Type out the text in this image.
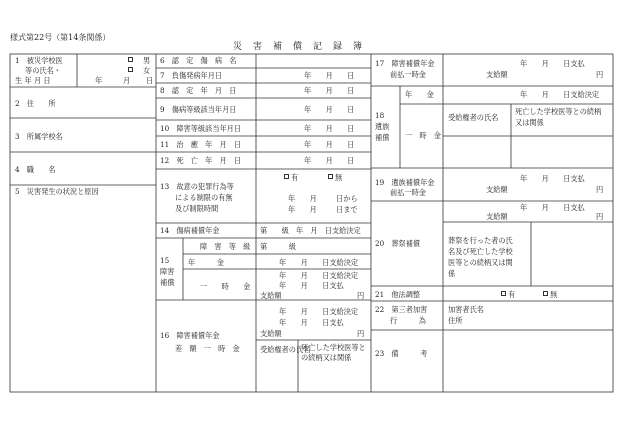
様式第22号（第14条関係）
災害補償記録簿
1　被災学校医
等の氏名・
生 年 月 日
男
女
年	月 日
2　住　　所
3　所属学校名
4　職　　名
5　災害発生の状況と原因
6　認　定　傷　病　名
7　負傷発病年月日	年　　月　　日
8　認　定　年　月　日	年　　月　　日
9　傷病等級該当年月日	年　　月　　日
10　障害等級該当年月日	年　　月　　日
11　治　癒　年　月　日	年　　月　　日
12　死　亡　年　月　日	年　　月　　日
13　故意の犯罪行為等
による制限の有無
及び制限時間
有	無
年　　月	日から
年　　月	日まで
14　傷病補償年金	第　　級　年　月　日支給決定
15
障害
補償
障　害　等　級 第　　　級
年　　　金	年　　月　　日支給決定
一　　時　　金
年　　月　　日支給決定
年　　月　　日支払
支給額	円
16　障害補償年金
差　額　一　時　金
年　　月　　日支給決定
年　　月　　日支払
支給額	円
受給権者の氏名
死亡した学校医等と
の続柄又は関係
17　障害補償年金
前払一時金
年　　月　　日支払
支給額	円
18
遺族
補償
年　　金
一　時　金
年　　月　　日支給決定
受給権者の氏名
死亡した学校医等との続柄
又は関係
19　遺族補償年金
前払一時金
年　　月　　日支払
支給額	円
20　葬祭補償
年　　月　　日支払
支給額	円
葬祭を行った者の氏
名及び死亡した学校
医等との続柄又は関
係
21　他法調整	有	無
22　第三者加害
行　　　為
加害者氏名
住所
23　備　　　考
